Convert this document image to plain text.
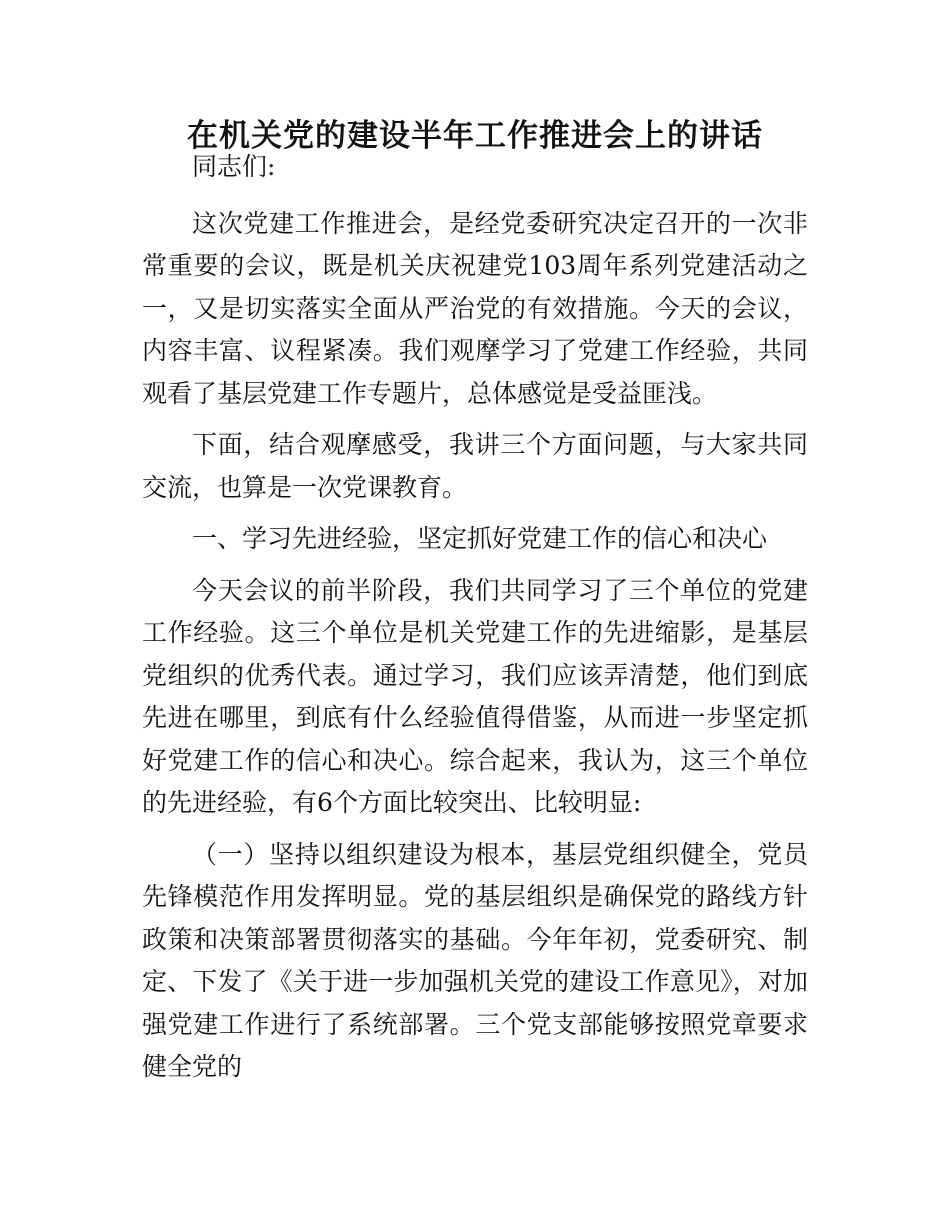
在机关党的建设半年工作推进会上的讲话

同志们:

这次党建工作推进会，是经党委研究决定召开的一次非常重要的会议，既是机关庆祝建党103周年系列党建活动之一，又是切实落实全面从严治党的有效措施。今天的会议，内容丰富、议程紧凑。我们观摩学习了党建工作经验，共同观看了基层党建工作专题片，总体感觉是受益匪浅。

下面，结合观摩感受，我讲三个方面问题，与大家共同交流，也算是一次党课教育。

一、学习先进经验，坚定抓好党建工作的信心和决心

今天会议的前半阶段，我们共同学习了三个单位的党建工作经验。这三个单位是机关党建工作的先进缩影，是基层党组织的优秀代表。通过学习，我们应该弄清楚，他们到底先进在哪里，到底有什么经验值得借鉴，从而进一步坚定抓好党建工作的信心和决心。综合起来，我认为，这三个单位的先进经验，有6个方面比较突出、比较明显:

（一）坚持以组织建设为根本，基层党组织健全，党员先锋模范作用发挥明显。党的基层组织是确保党的路线方针政策和决策部署贯彻落实的基础。今年年初，党委研究、制定、下发了《关于进一步加强机关党的建设工作意见》，对加强党建工作进行了系统部署。三个党支部能够按照党章要求健全党的
